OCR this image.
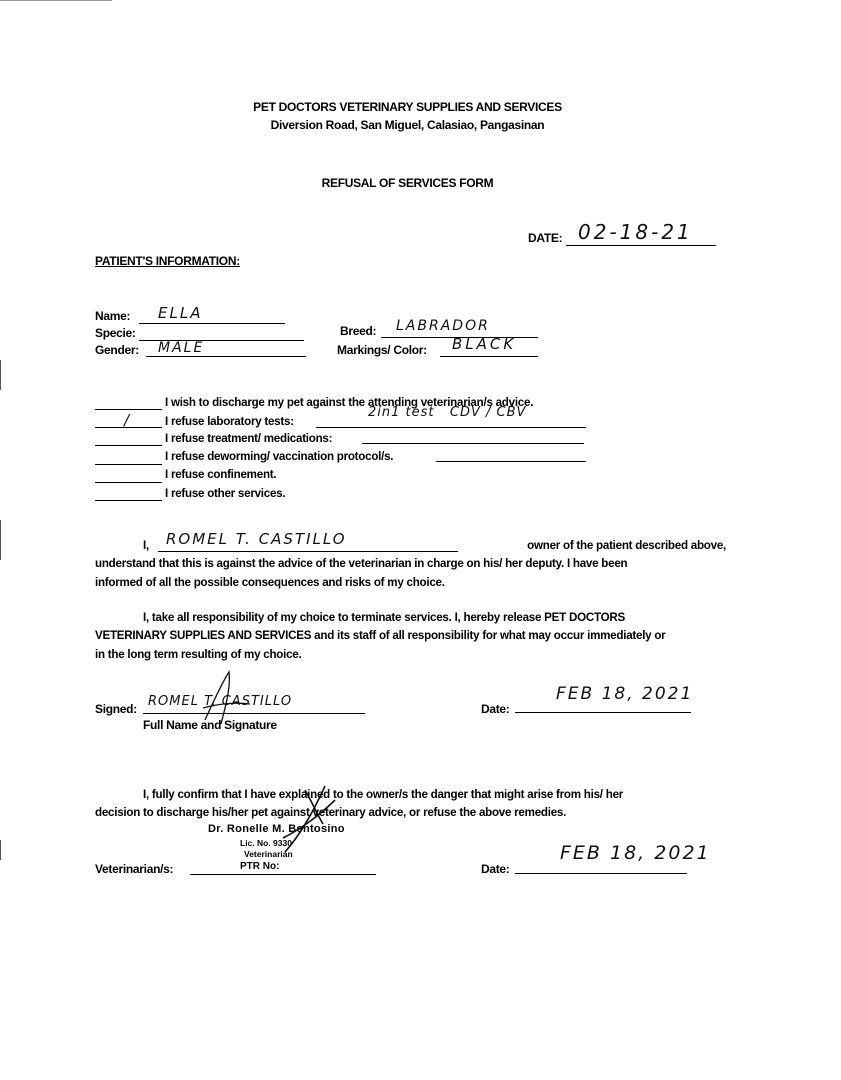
PET DOCTORS VETERINARY SUPPLIES AND SERVICES
Diversion Road, San Miguel, Calasiao, Pangasinan
REFUSAL OF SERVICES FORM
DATE: 02-18-21
PATIENT'S INFORMATION:
Name: ELLA
Specie:
Gender: MALE
Breed: LABRADOR
Markings/ Color: BLACK
I wish to discharge my pet against the attending veterinarian/s advice.
/	I refuse laboratory tests:
2in1 test   CDV / CBV
I refuse treatment/ medications:
I refuse deworming/ vaccination protocol/s.
I refuse confinement.
I refuse other services.
I, ROMEL T. CASTILLO	owner of the patient described above,
understand that this is against the advice of the veterinarian in charge on his/ her deputy. I have been
informed of all the possible consequences and risks of my choice.
I, take all responsibility of my choice to terminate services. I, hereby release PET DOCTORS
VETERINARY SUPPLIES AND SERVICES and its staff of all responsibility for what may occur immediately or
in the long term resulting of my choice.
Signed: ROMEL T. CASTILLO
Full Name and Signature
Date:
FEB 18, 2021
I, fully confirm that I have explained to the owner/s the danger that might arise from his/ her
decision to discharge his/her pet against veterinary advice, or refuse the above remedies.
Dr. Ronelle M. Bentosino
Lic. No. 9330
Veterinarian
PTR No:
Veterinarian/s:	Date:
FEB 18, 2021
